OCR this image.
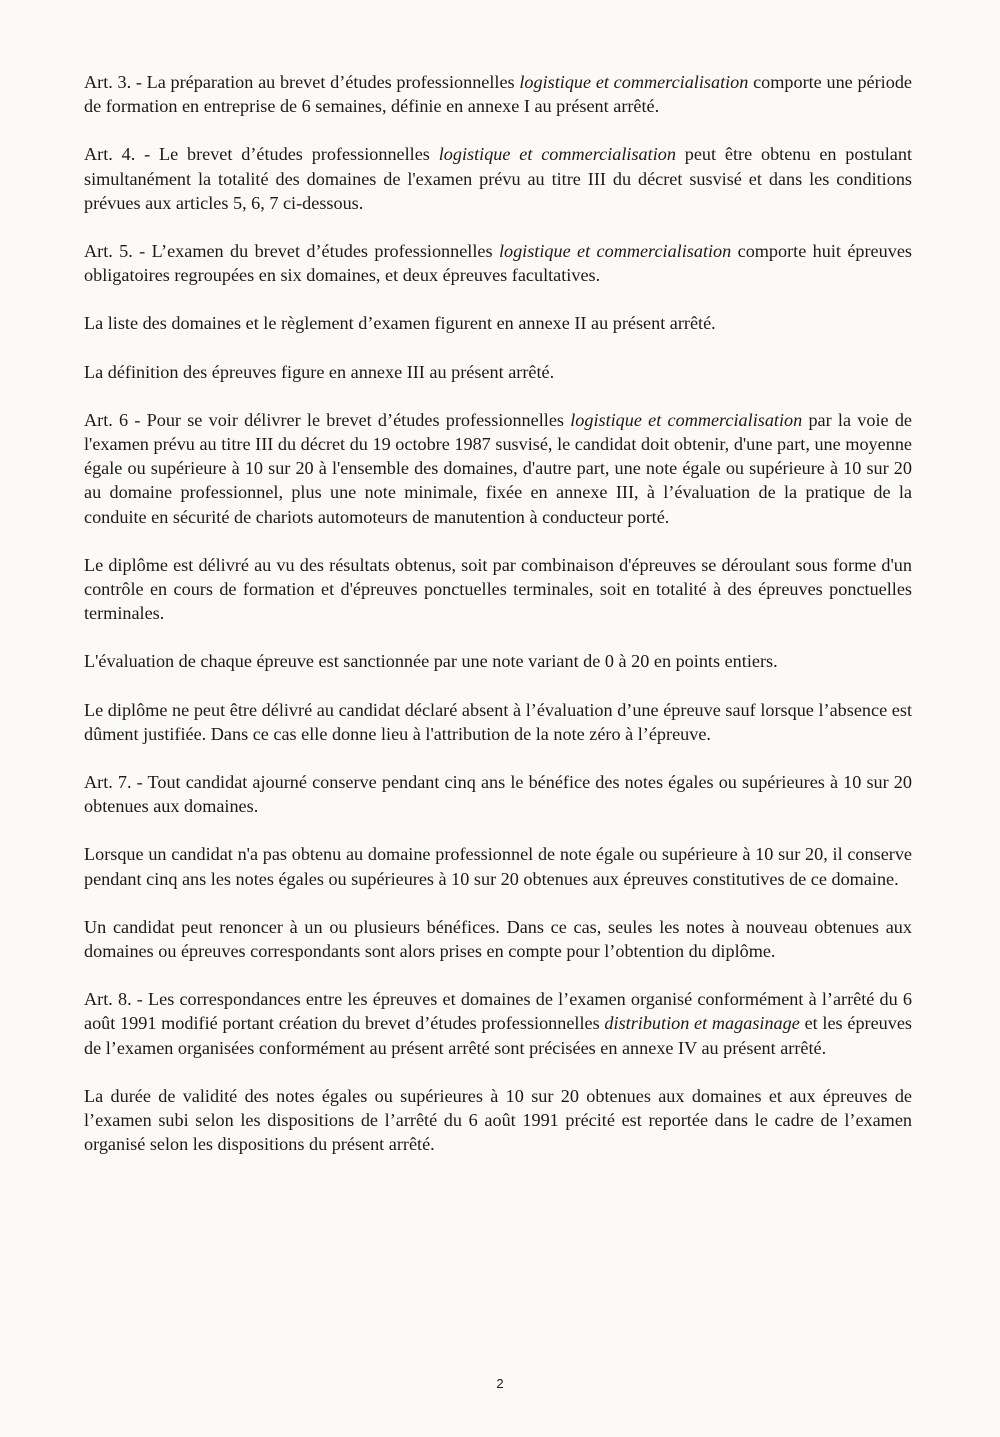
Art. 3. - La préparation au brevet d’études professionnelles logistique et commercialisation comporte une période de formation en entreprise de 6 semaines, définie en annexe I au présent arrêté.

Art. 4. - Le brevet d’études professionnelles logistique et commercialisation peut être obtenu en postulant simultanément la totalité des domaines de l'examen prévu au titre III du décret susvisé et dans les conditions prévues aux articles 5, 6, 7 ci-dessous.

Art. 5. - L’examen du brevet d’études professionnelles logistique et commercialisation comporte huit épreuves obligatoires regroupées en six domaines, et deux épreuves facultatives.

La liste des domaines et le règlement d’examen figurent en annexe II au présent arrêté.

La définition des épreuves figure en annexe III au présent arrêté.

Art. 6 - Pour se voir délivrer le brevet d’études professionnelles logistique et commercialisation par la voie de l'examen prévu au titre III du décret du 19 octobre 1987 susvisé, le candidat doit obtenir, d'une part, une moyenne égale ou supérieure à 10 sur 20 à l'ensemble des domaines, d'autre part, une note égale ou supérieure à 10 sur 20 au domaine professionnel, plus une note minimale, fixée en annexe III, à l’évaluation de la pratique de la conduite en sécurité de chariots automoteurs de manutention à conducteur porté.

Le diplôme est délivré au vu des résultats obtenus, soit par combinaison d'épreuves se déroulant sous forme d'un contrôle en cours de formation et d'épreuves ponctuelles terminales, soit en totalité à des épreuves ponctuelles terminales.

L'évaluation de chaque épreuve est sanctionnée par une note variant de 0 à 20 en points entiers.

Le diplôme ne peut être délivré au candidat déclaré absent à l’évaluation d’une épreuve sauf lorsque l’absence est dûment justifiée. Dans ce cas elle donne lieu à l'attribution de la note zéro à l’épreuve.

Art. 7. - Tout candidat ajourné conserve pendant cinq ans le bénéfice des notes égales ou supérieures à 10 sur 20 obtenues aux domaines.

Lorsque un candidat n'a pas obtenu au domaine professionnel de note égale ou supérieure à 10 sur 20, il conserve pendant cinq ans les notes égales ou supérieures à 10 sur 20 obtenues aux épreuves constitutives de ce domaine.

Un candidat peut renoncer à un ou plusieurs bénéfices. Dans ce cas, seules les notes à nouveau obtenues aux domaines ou épreuves correspondants sont alors prises en compte pour l’obtention du diplôme.

Art. 8. - Les correspondances entre les épreuves et domaines de l’examen organisé conformément à l’arrêté du 6 août 1991 modifié portant création du brevet d’études professionnelles distribution et magasinage et les épreuves de l’examen organisées conformément au présent arrêté sont précisées en annexe IV au présent arrêté.

La durée de validité des notes égales ou supérieures à 10 sur 20 obtenues aux domaines et aux épreuves de l’examen subi selon les dispositions de l’arrêté du 6 août 1991 précité est reportée dans le cadre de l’examen organisé selon les dispositions du présent arrêté.

2
